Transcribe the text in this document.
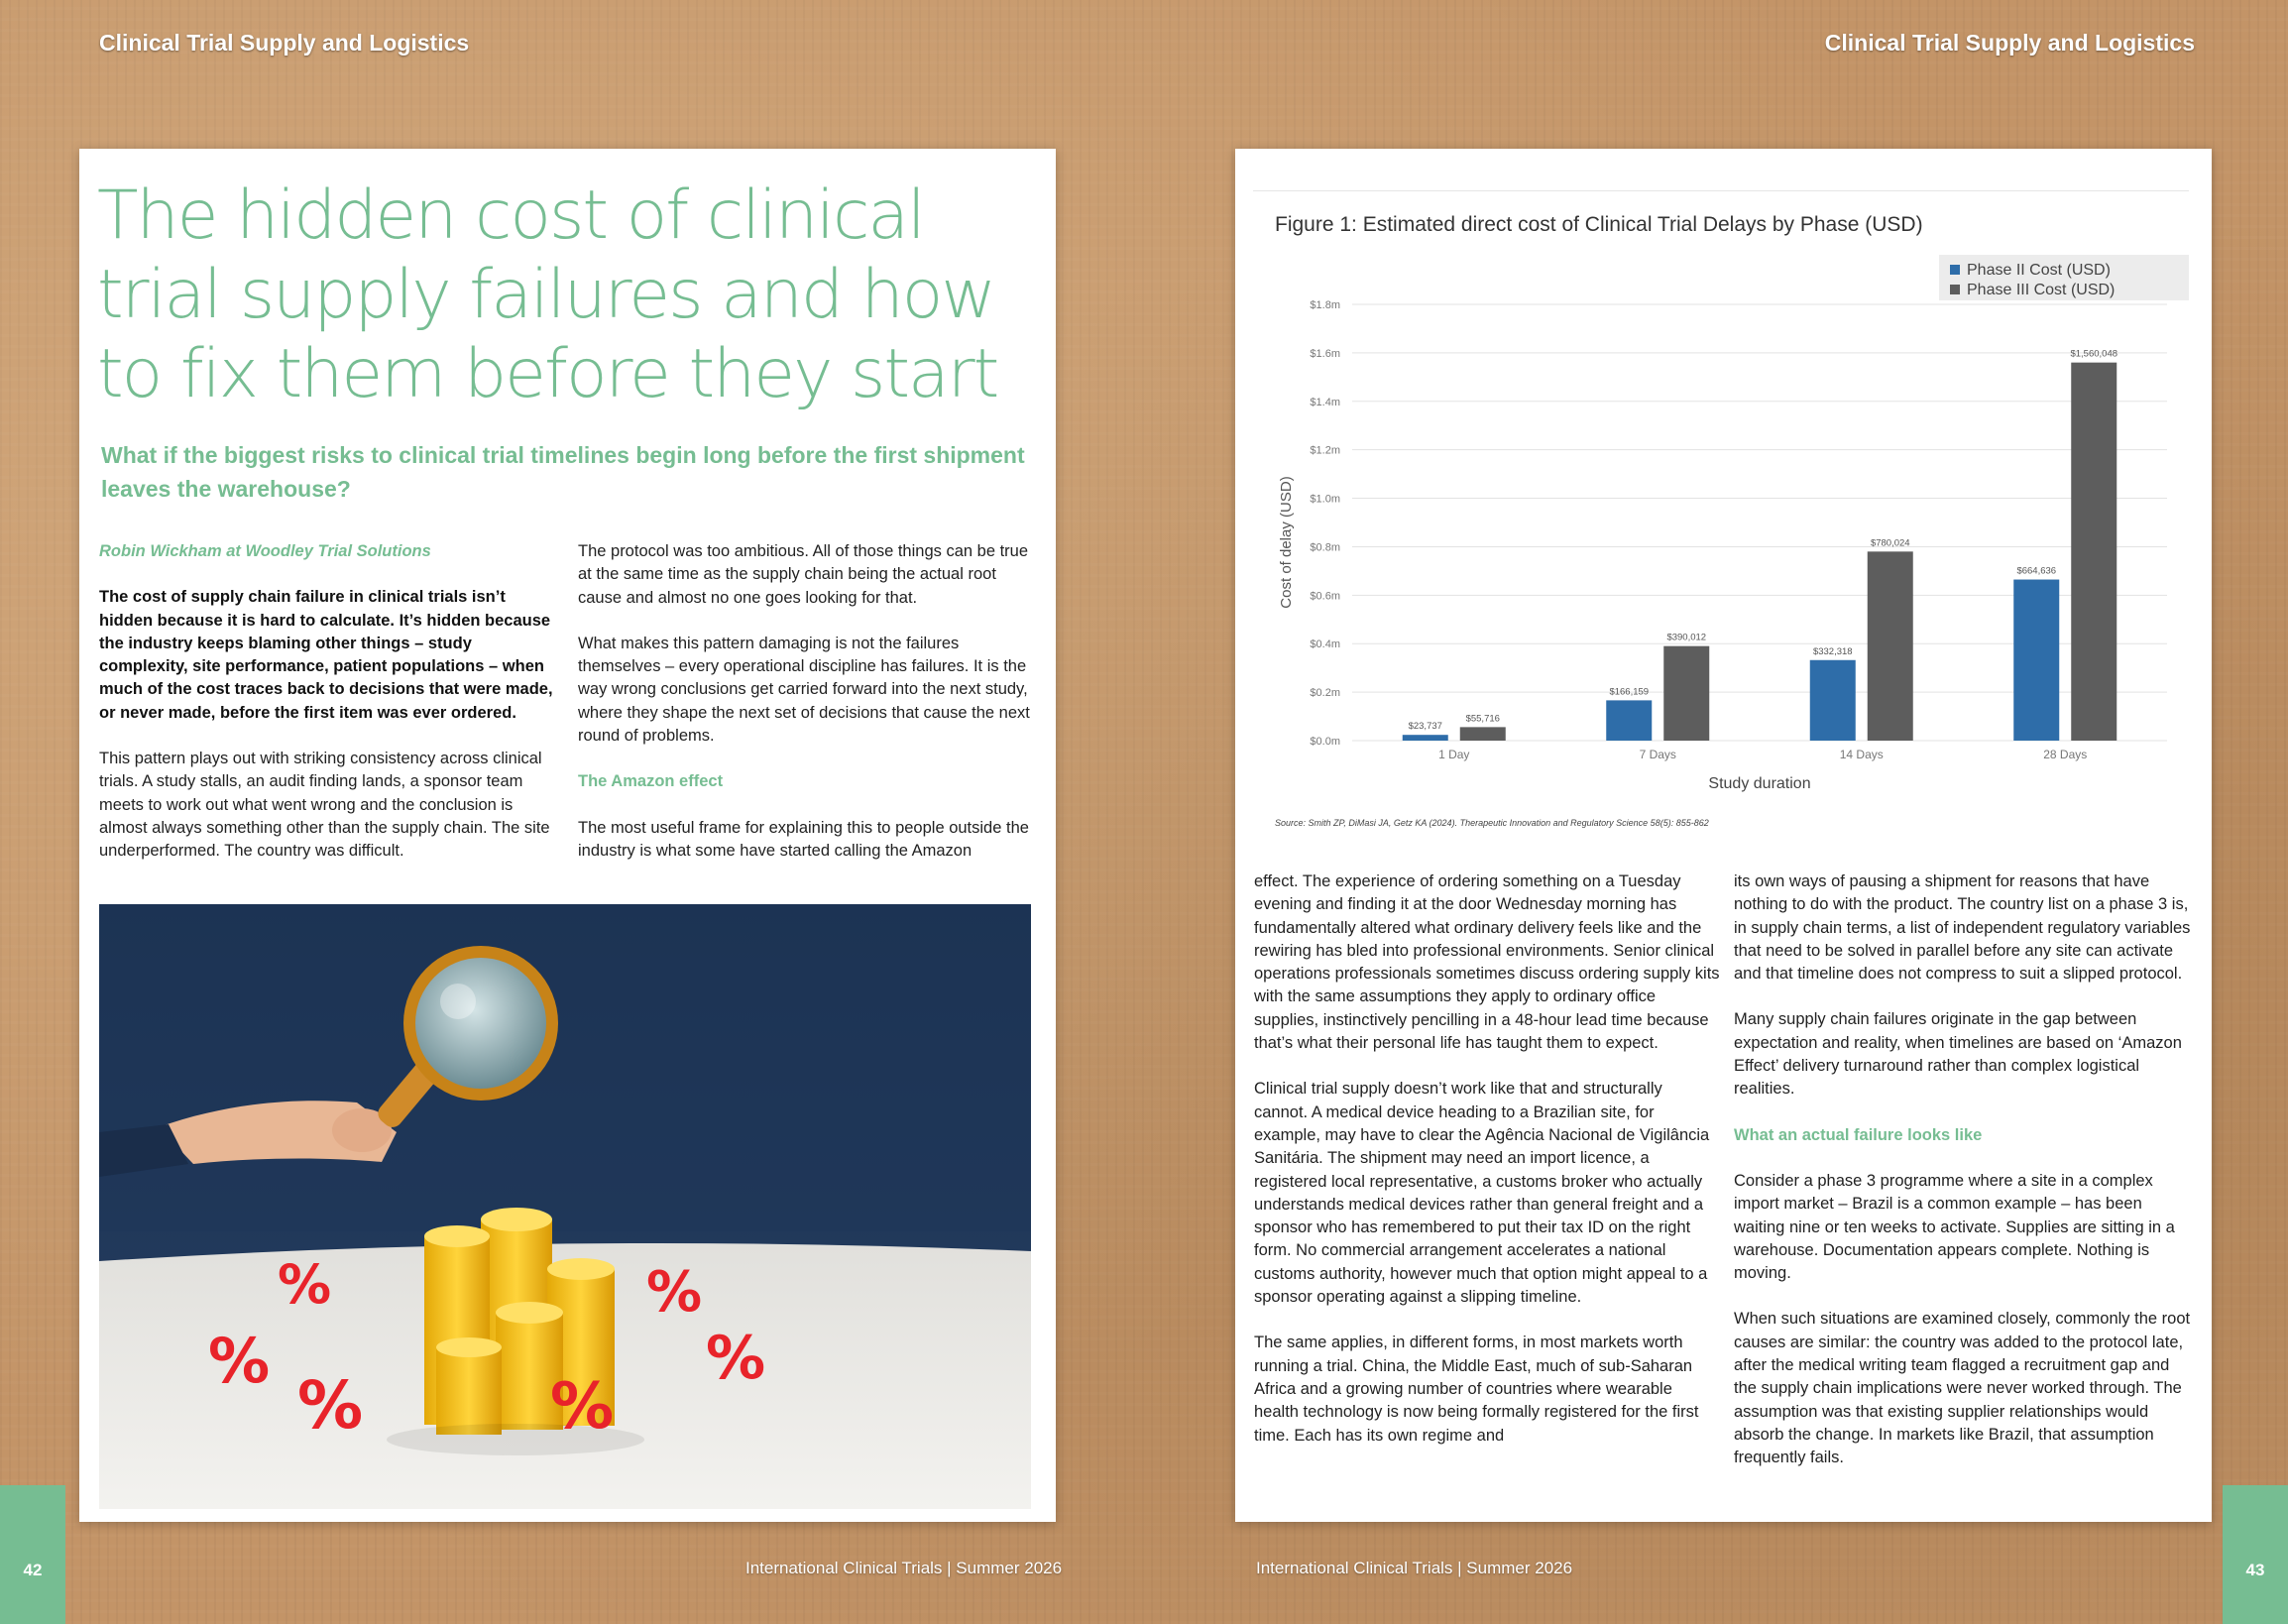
Clinical Trial Supply and Logistics	Clinical Trial Supply and Logistics
The hidden cost of clinical trial supply failures and how to fix them before they start

What if the biggest risks to clinical trial timelines begin long before the first shipment leaves the warehouse?

Robin Wickham at Woodley Trial Solutions

The cost of supply chain failure in clinical trials isn’t hidden because it is hard to calculate. It’s hidden because the industry keeps blaming other things – study complexity, site performance, patient populations – when much of the cost traces back to decisions that were made, or never made, before the first item was ever ordered.

This pattern plays out with striking consistency across clinical trials. A study stalls, an audit finding lands, a sponsor team meets to work out what went wrong and the conclusion is almost always something other than the supply chain. The site underperformed. The country was difficult.

The protocol was too ambitious. All of those things can be true at the same time as the supply chain being the actual root cause and almost no one goes looking for that.

What makes this pattern damaging is not the failures themselves – every operational discipline has failures. It is the way wrong conclusions get carried forward into the next study, where they shape the next set of decisions that cause the next round of problems.

The Amazon effect

The most useful frame for explaining this to people outside the industry is what some have started calling the Amazon

%
%
%	%
%
%
Figure 1: Estimated direct cost of Clinical Trial Delays by Phase (USD)
$0.0m
$0.2m
$0.4m
$0.6m
$0.8m
$1.0m
$1.2m
$1.4m
$1.6m
$1.8m
$23,737
$55,716
1 Day
$166,159
$390,012
7 Days
$332,318
$780,024
14 Days
$664,636
$1,560,048
28 Days
Study duration
Cost of delay (USD)
Phase II Cost (USD)
Phase III Cost (USD)
Source: Smith ZP, DiMasi JA, Getz KA (2024). Therapeutic Innovation and Regulatory Science 58(5): 855-862

effect. The experience of ordering something on a Tuesday evening and finding it at the door Wednesday morning has fundamentally altered what ordinary delivery feels like and the rewiring has bled into professional environments. Senior clinical operations professionals sometimes discuss ordering supply kits with the same assumptions they apply to ordinary office supplies, instinctively pencilling in a 48-hour lead time because that’s what their personal life has taught them to expect.

Clinical trial supply doesn’t work like that and structurally cannot. A medical device heading to a Brazilian site, for example, may have to clear the Agência Nacional de Vigilância Sanitária. The shipment may need an import licence, a registered local representative, a customs broker who actually understands medical devices rather than general freight and a sponsor who has remembered to put their tax ID on the right form. No commercial arrangement accelerates a national customs authority, however much that option might appeal to a sponsor operating against a slipping timeline.

The same applies, in different forms, in most markets worth running a trial. China, the Middle East, much of sub-Saharan Africa and a growing number of countries where wearable health technology is now being formally registered for the first time. Each has its own regime and

its own ways of pausing a shipment for reasons that have nothing to do with the product. The country list on a phase 3 is, in supply chain terms, a list of independent regulatory variables that need to be solved in parallel before any site can activate and that timeline does not compress to suit a slipped protocol.

Many supply chain failures originate in the gap between expectation and reality, when timelines are based on ‘Amazon Effect’ delivery turnaround rather than complex logistical realities.

What an actual failure looks like

Consider a phase 3 programme where a site in a complex import market – Brazil is a common example – has been waiting nine or ten weeks to activate. Supplies are sitting in a warehouse. Documentation appears complete. Nothing is moving.

When such situations are examined closely, commonly the root causes are similar: the country was added to the protocol late, after the medical writing team flagged a recruitment gap and the supply chain implications were never worked through. The assumption was that existing supplier relationships would absorb the change. In markets like Brazil, that assumption frequently fails.

International Clinical Trials | Summer 2026	International Clinical Trials | Summer 2026
42	43
